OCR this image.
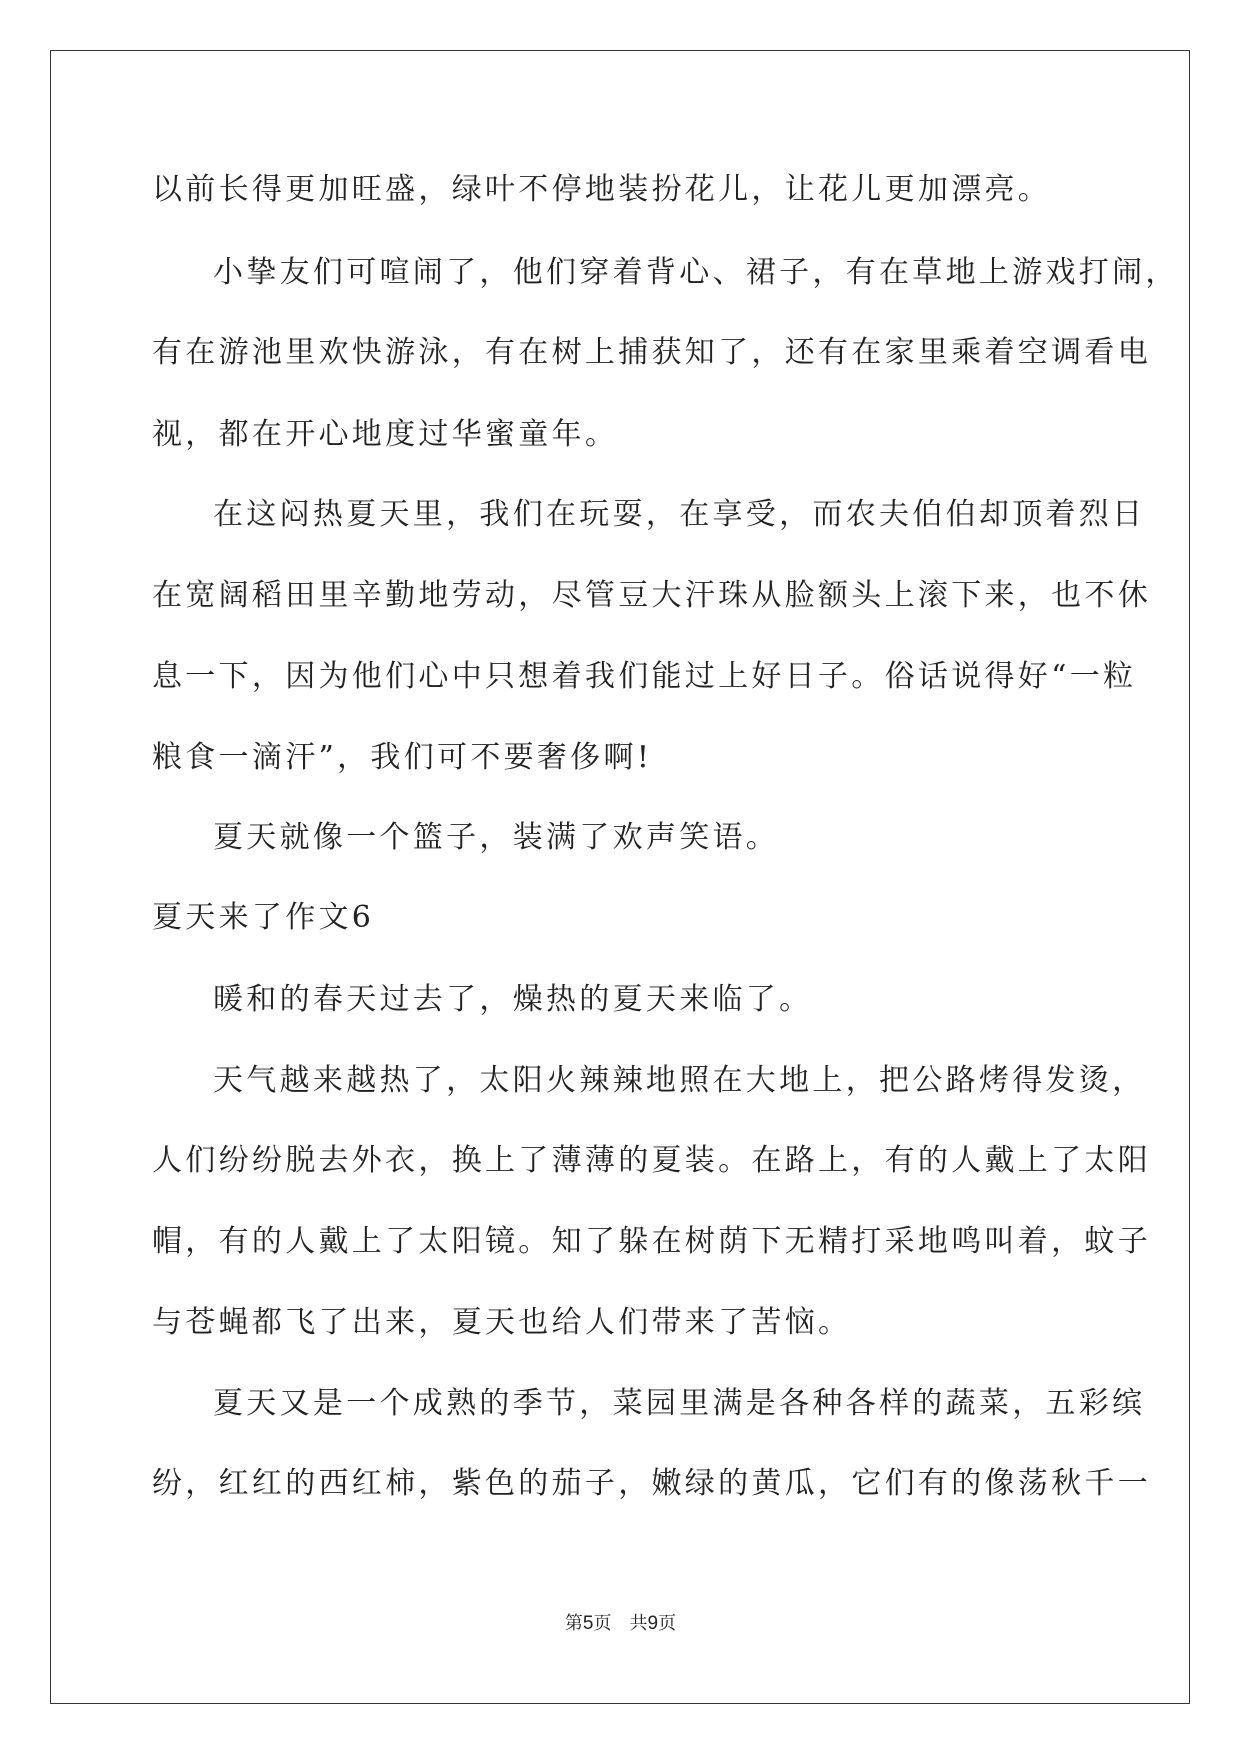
以前长得更加旺盛，绿叶不停地装扮花儿，让花儿更加漂亮。

小挚友们可喧闹了，他们穿着背心、裙子，有在草地上游戏打闹，

有在游池里欢快游泳，有在树上捕获知了，还有在家里乘着空调看电

视，都在开心地度过华蜜童年。

在这闷热夏天里，我们在玩耍，在享受，而农夫伯伯却顶着烈日

在宽阔稻田里辛勤地劳动，尽管豆大汗珠从脸额头上滚下来，也不休

息一下，因为他们心中只想着我们能过上好日子。俗话说得好“一粒

粮食一滴汗”，我们可不要奢侈啊!

夏天就像一个篮子，装满了欢声笑语。

夏天来了作文6

暖和的春天过去了，燥热的夏天来临了。

天气越来越热了，太阳火辣辣地照在大地上，把公路烤得发烫，

人们纷纷脱去外衣，换上了薄薄的夏装。在路上，有的人戴上了太阳

帽，有的人戴上了太阳镜。知了躲在树荫下无精打采地鸣叫着，蚊子

与苍蝇都飞了出来，夏天也给人们带来了苦恼。

夏天又是一个成熟的季节，菜园里满是各种各样的蔬菜，五彩缤

纷，红红的西红柿，紫色的茄子，嫩绿的黄瓜，它们有的像荡秋千一

第5页　共9页
